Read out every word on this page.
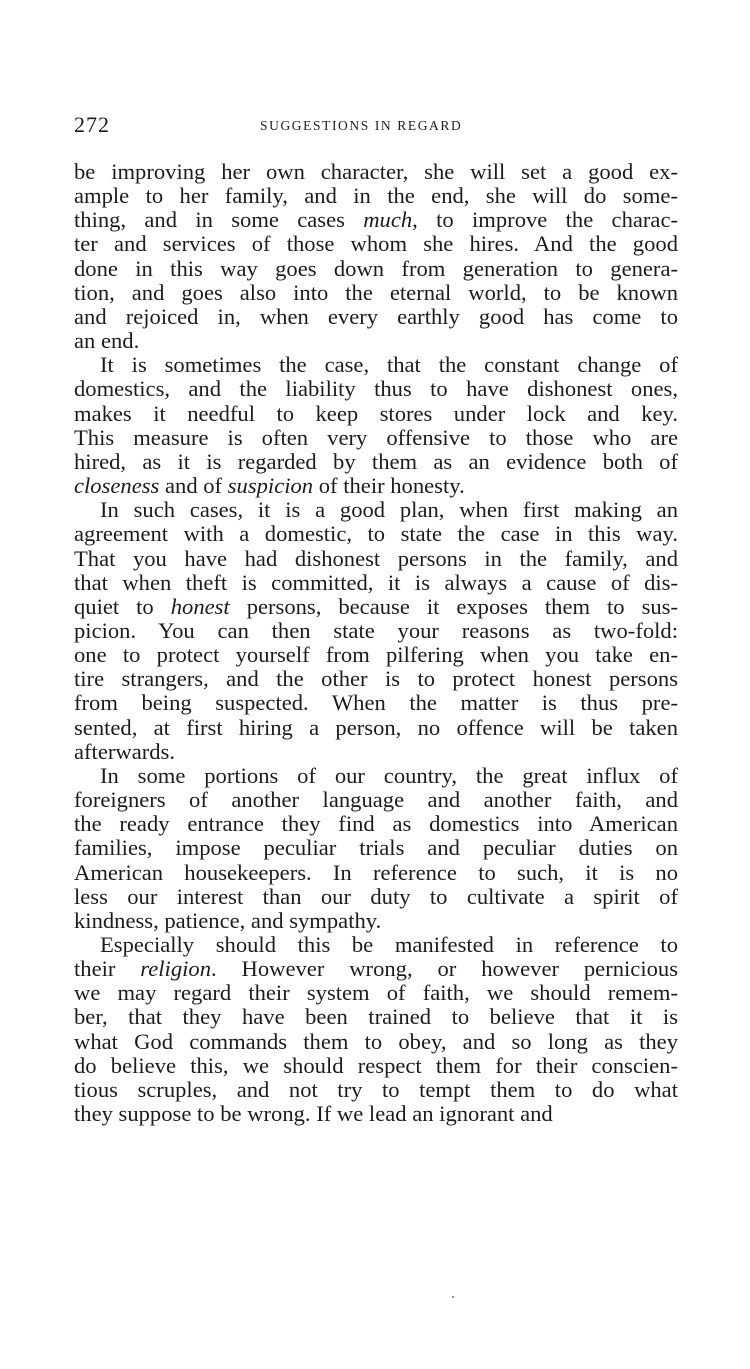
272	SUGGESTIONS IN REGARD
be improving her own character, she will set a good ex-
ample to her family, and in the end, she will do some-
thing, and in some cases much, to improve the charac-
ter and services of those whom she hires. And the good
done in this way goes down from generation to genera-
tion, and goes also into the eternal world, to be known
and rejoiced in, when every earthly good has come to
an end.
It is sometimes the case, that the constant change of
domestics, and the liability thus to have dishonest ones,
makes it needful to keep stores under lock and key.
This measure is often very offensive to those who are
hired, as it is regarded by them as an evidence both of
closeness and of suspicion of their honesty.
In such cases, it is a good plan, when first making an
agreement with a domestic, to state the case in this way.
That you have had dishonest persons in the family, and
that when theft is committed, it is always a cause of dis-
quiet to honest persons, because it exposes them to sus-
picion. You can then state your reasons as two-fold:
one to protect yourself from pilfering when you take en-
tire strangers, and the other is to protect honest persons
from being suspected. When the matter is thus pre-
sented, at first hiring a person, no offence will be taken
afterwards.
In some portions of our country, the great influx of
foreigners of another language and another faith, and
the ready entrance they find as domestics into American
families, impose peculiar trials and peculiar duties on
American housekeepers. In reference to such, it is no
less our interest than our duty to cultivate a spirit of
kindness, patience, and sympathy.
Especially should this be manifested in reference to
their religion. However wrong, or however pernicious
we may regard their system of faith, we should remem-
ber, that they have been trained to believe that it is
what God commands them to obey, and so long as they
do believe this, we should respect them for their conscien-
tious scruples, and not try to tempt them to do what
they suppose to be wrong. If we lead an ignorant and
